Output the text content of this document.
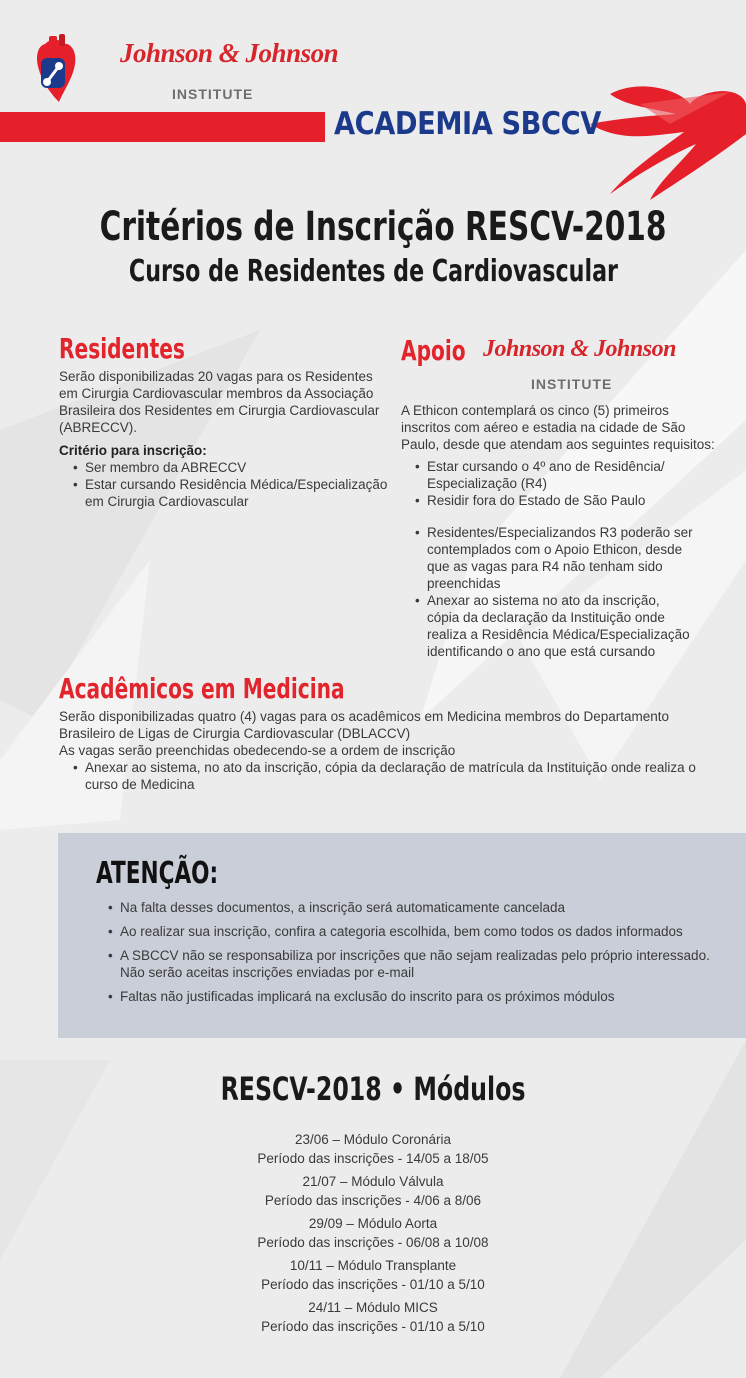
Johnson & Johnson
INSTITUTE
ACADEMIA SBCCV
Critérios de Inscrição RESCV-2018
Curso de Residentes de Cardiovascular
Residentes

Serão disponibilizadas 20 vagas para os Residentes

em Cirurgia Cardiovascular membros da Associação

Brasileira dos Residentes em Cirurgia Cardiovascular

(ABRECCV).

Critério para inscrição:

• Ser membro da ABRECCV
• Estar cursando Residência Médica/Especialização
em Cirurgia Cardiovascular
Apoio Johnson & Johnson
INSTITUTE

A Ethicon contemplará os cinco (5) primeiros

inscritos com aéreo e estadia na cidade de São

Paulo, desde que atendam aos seguintes requisitos:

• Estar cursando o 4º ano de Residência/
Especialização (R4)
• Residir fora do Estado de São Paulo
• Residentes/Especializandos R3 poderão ser
contemplados com o Apoio Ethicon, desde
que as vagas para R4 não tenham sido
preenchidas
• Anexar ao sistema no ato da inscrição,
cópia da declaração da Instituição onde
realiza a Residência Médica/Especialização
identificando o ano que está cursando
Acadêmicos em Medicina

Serão disponibilizadas quatro (4) vagas para os acadêmicos em Medicina membros do Departamento

Brasileiro de Ligas de Cirurgia Cardiovascular (DBLACCV)

As vagas serão preenchidas obedecendo-se a ordem de inscrição

• Anexar ao sistema, no ato da inscrição, cópia da declaração de matrícula da Instituição onde realiza o
curso de Medicina
ATENÇÃO:
• Na falta desses documentos, a inscrição será automaticamente cancelada
• Ao realizar sua inscrição, confira a categoria escolhida, bem como todos os dados informados
• A SBCCV não se responsabiliza por inscrições que não sejam realizadas pelo próprio interessado.
Não serão aceitas inscrições enviadas por e-mail
• Faltas não justificadas implicará na exclusão do inscrito para os próximos módulos
RESCV-2018 • Módulos
23/06 – Módulo Coronária
Período das inscrições - 14/05 a 18/05
21/07 – Módulo Válvula
Período das inscrições - 4/06 a 8/06
29/09 – Módulo Aorta
Período das inscrições - 06/08 a 10/08
10/11 – Módulo Transplante
Período das inscrições - 01/10 a 5/10
24/11 – Módulo MICS
Período das inscrições - 01/10 a 5/10
